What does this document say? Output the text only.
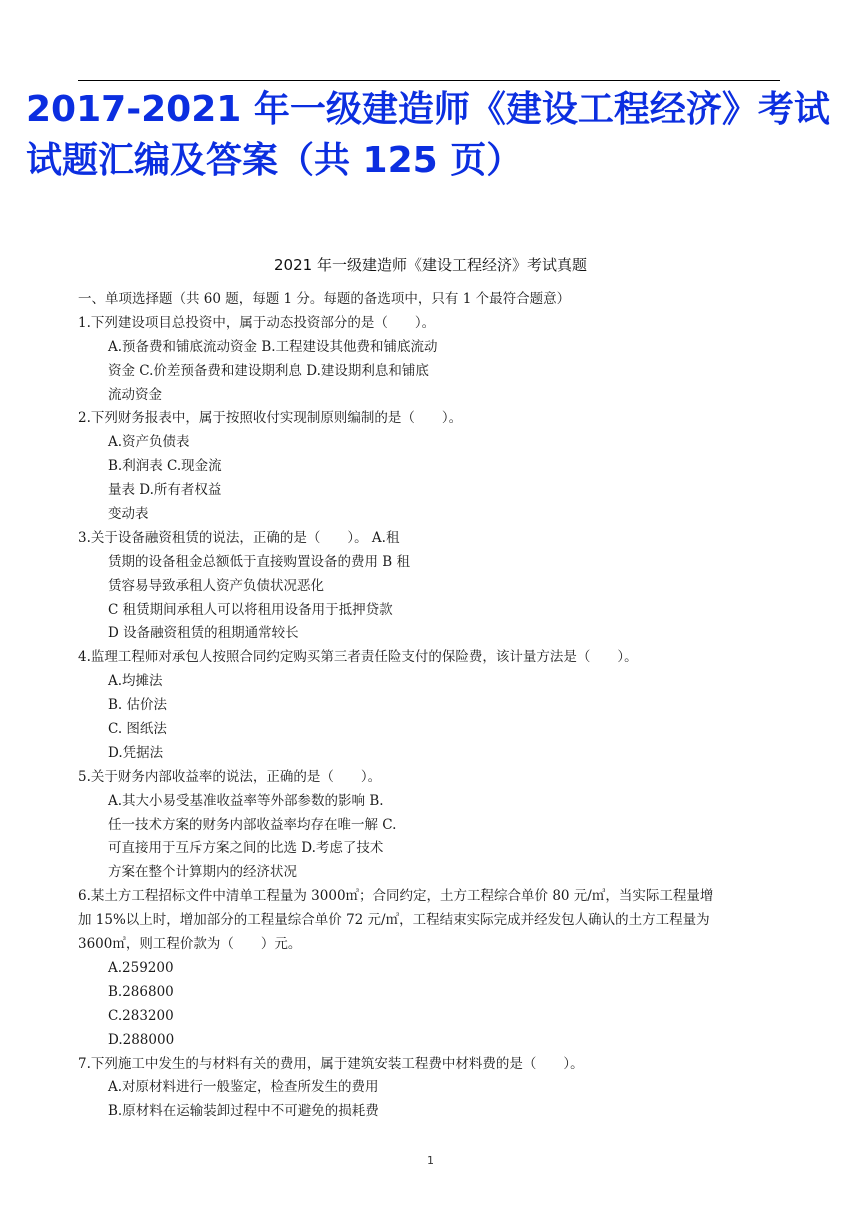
2017-2021 年一级建造师《建设工程经济》考试
试题汇编及答案（共 125 页）
2021 年一级建造师《建设工程经济》考试真题
一、单项选择题（共 60 题，每题 1 分。每题的备选项中，只有 1 个最符合题意）
1.下列建设项目总投资中，属于动态投资部分的是（　　）。
A.预备费和铺底流动资金 B.工程建设其他费和铺底流动
资金 C.价差预备费和建设期利息 D.建设期利息和铺底
流动资金
2.下列财务报表中，属于按照收付实现制原则编制的是（　　）。
A.资产负债表
B.利润表 C.现金流
量表 D.所有者权益
变动表
3.关于设备融资租赁的说法，正确的是（　　）。 A.租
赁期的设备租金总额低于直接购置设备的费用 B 租
赁容易导致承租人资产负债状况恶化
C 租赁期间承租人可以将租用设备用于抵押贷款
D 设备融资租赁的租期通常较长
4.监理工程师对承包人按照合同约定购买第三者责任险支付的保险费，该计量方法是（　　）。
A.均摊法
B. 估价法
C. 图纸法
D.凭据法
5.关于财务内部收益率的说法，正确的是（　　）。
A.其大小易受基准收益率等外部参数的影响 B.
任一技术方案的财务内部收益率均存在唯一解 C.
可直接用于互斥方案之间的比选 D.考虑了技术
方案在整个计算期内的经济状况
6.某土方工程招标文件中清单工程量为 3000㎥；合同约定，土方工程综合单价 80 元/㎥，当实际工程量增
加 15%以上时，增加部分的工程量综合单价 72 元/㎥，工程结束实际完成并经发包人确认的土方工程量为
3600㎥，则工程价款为（　　）元。
A.259200
B.286800
C.283200
D.288000
7.下列施工中发生的与材料有关的费用，属于建筑安装工程费中材料费的是（　　）。
A.对原材料进行一般鉴定，检查所发生的费用
B.原材料在运输装卸过程中不可避免的损耗费
1
